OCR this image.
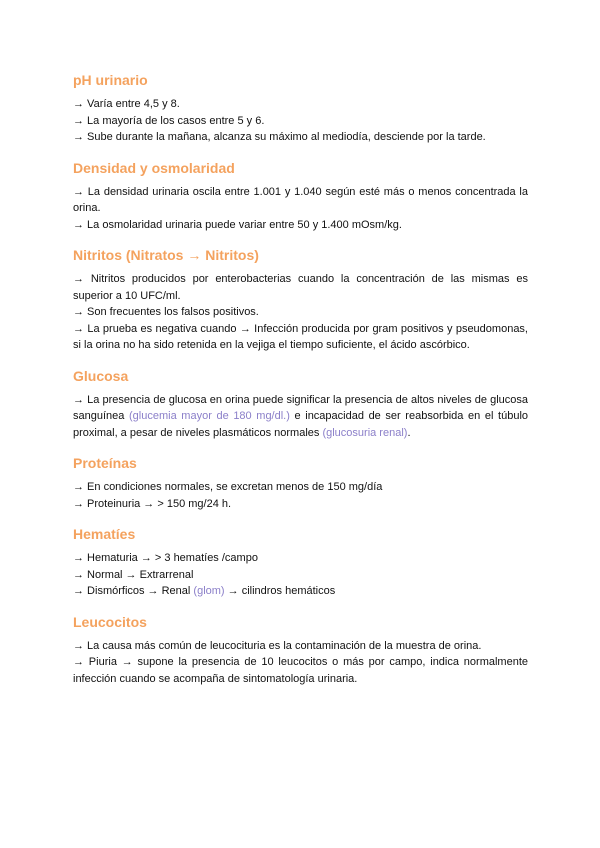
pH urinario

→ Varía entre 4,5 y 8.

→ La mayoría de los casos entre 5 y 6.

→ Sube durante la mañana, alcanza su máximo al mediodía, desciende por la tarde.

Densidad y osmolaridad

→ La densidad urinaria oscila entre 1.001 y 1.040 según esté más o menos concentrada la orina.

→ La osmolaridad urinaria puede variar entre 50 y 1.400 mOsm/kg.

Nitritos (Nitratos → Nitritos)

→ Nitritos producidos por enterobacterias cuando la concentración de las mismas es superior a 10 UFC/ml.

→ Son frecuentes los falsos positivos.

→ La prueba es negativa cuando → Infección producida por gram positivos y pseudomonas, si la orina no ha sido retenida en la vejiga el tiempo suficiente, el ácido ascórbico.

Glucosa

→ La presencia de glucosa en orina puede significar la presencia de altos niveles de glucosa sanguínea (glucemia mayor de 180 mg/dl.) e incapacidad de ser reabsorbida en el túbulo proximal, a pesar de niveles plasmáticos normales (glucosuria renal).

Proteínas

→ En condiciones normales, se excretan menos de 150 mg/día

→ Proteinuria → > 150 mg/24 h.

Hematíes

→ Hematuria → > 3 hematíes /campo

→ Normal → Extrarrenal

→ Dismórficos → Renal (glom) → cilindros hemáticos

Leucocitos

→ La causa más común de leucocituria es la contaminación de la muestra de orina.

→ Piuria → supone la presencia de 10 leucocitos o más por campo, indica normalmente infección cuando se acompaña de sintomatología urinaria.
